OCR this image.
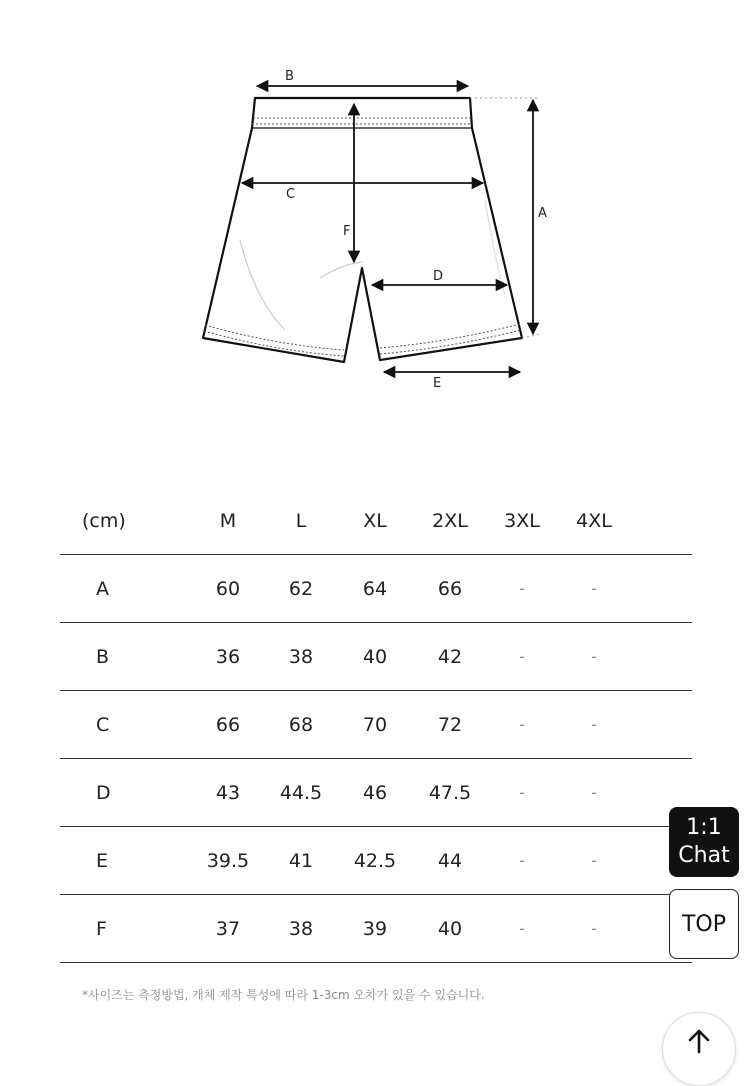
B
C
F
A
D
E
(cm)	M	L	XL	2XL	3XL	4XL
A	60	62	64	66	-	-
B	36	38	40	42	-	-
C	66	68	70	72	-	-
D	43	44.5	46	47.5	-	-
E	39.5	41	42.5	44	-	-
F	37	38	39	40	-	-
*사이즈는 측정방법, 개체 제작 특성에 따라 1-3cm 오차가 있을 수 있습니다.
1:1
Chat
TOP
